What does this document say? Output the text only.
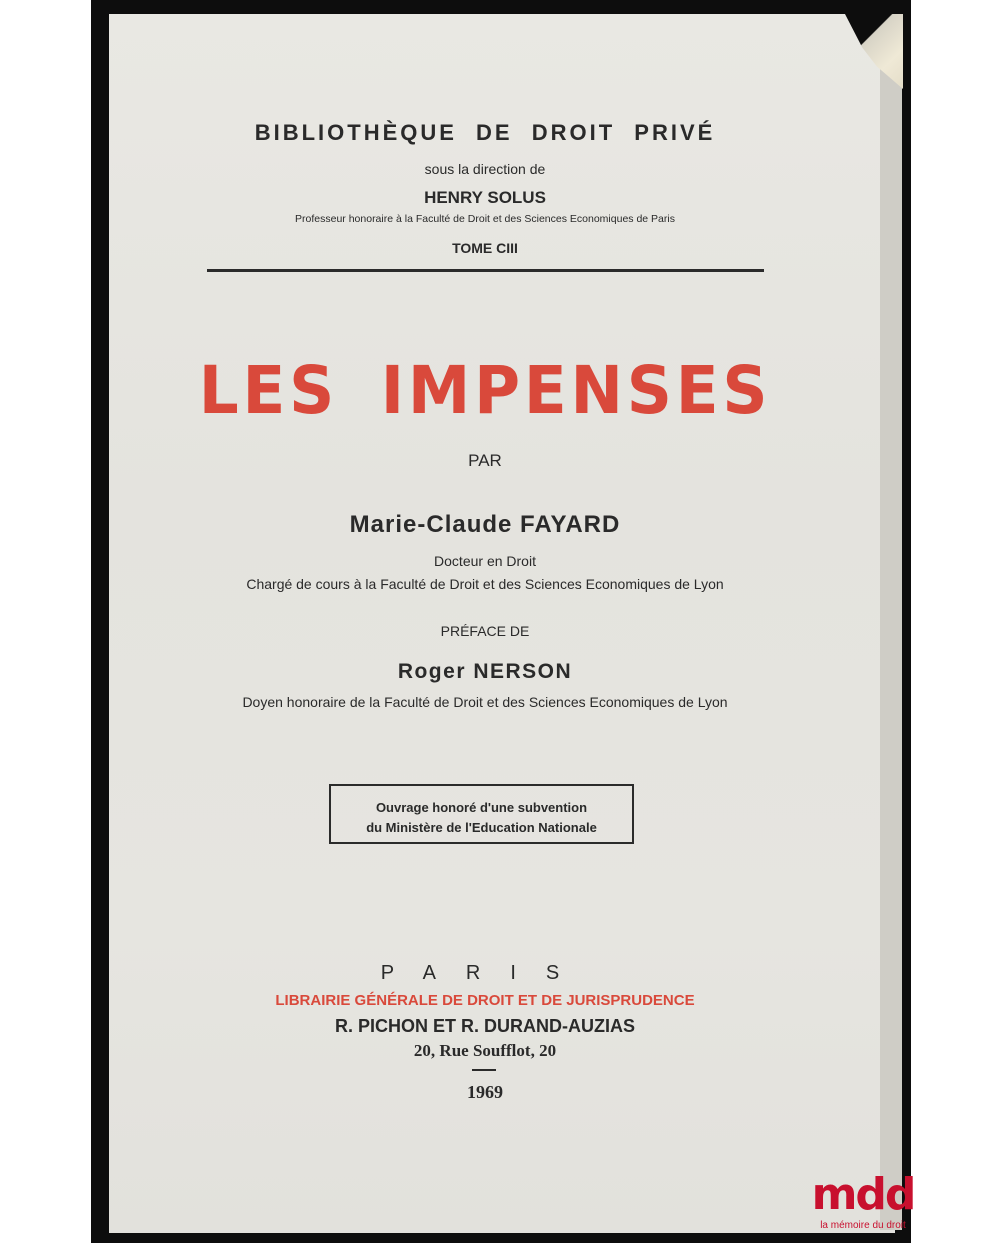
BIBLIOTHÈQUE DE DROIT PRIVÉ
sous la direction de
HENRY SOLUS
Professeur honoraire à la Faculté de Droit et des Sciences Economiques de Paris
TOME CIII
LES IMPENSES
PAR
Marie-Claude FAYARD
Docteur en Droit
Chargé de cours à la Faculté de Droit et des Sciences Economiques de Lyon
PRÉFACE DE
Roger NERSON
Doyen honoraire de la Faculté de Droit et des Sciences Economiques de Lyon
Ouvrage honoré d'une subvention
du Ministère de l'Education Nationale
PARIS
LIBRAIRIE GÉNÉRALE DE DROIT ET DE JURISPRUDENCE
R. PICHON ET R. DURAND-AUZIAS
20, Rue Soufflot, 20
1969
mdd
la mémoire du droit
